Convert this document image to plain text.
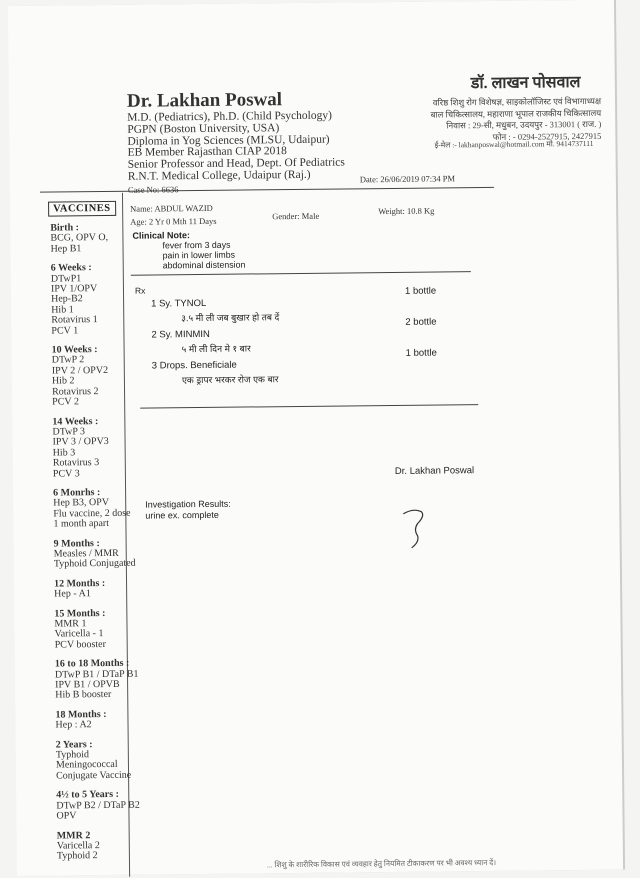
Dr. Lakhan Poswal
M.D. (Pediatrics), Ph.D. (Child Psychology)
PGPN (Boston University, USA)
Diploma in Yog Sciences (MLSU, Udaipur)
EB Member Rajasthan CIAP 2018
Senior Professor and Head, Dept. Of Pediatrics
R.N.T. Medical College, Udaipur (Raj.)
डॉ. लाखन पोसवाल
वरिष्ठ शिशु रोग विशेषज्ञ, साइकोलॉजिस्ट एवं विभागाध्यक्ष
बाल चिकित्सालय, महाराणा भूपाल राजकीय चिकित्सालय
निवास : 29-सी, मधुबन, उदयपुर - 313001 ( राज. )
फोन : - 0294-2527915, 2427915
ई-मेल :- lakhanposwal@hotmail.com मो. 9414737111
Case No: 6636
Date: 26/06/2019 07:34 PM
Name: ABDUL WAZID
Age: 2 Yr 0 Mth 11 Days	Gender: Male	Weight: 10.8 Kg
VACCINES
Birth :
BCG, OPV O,
Hep B1
6 Weeks :
DTwP1
IPV 1/OPV
Hep-B2
Hib 1
Rotavirus 1
PCV 1
10 Weeks :
DTwP 2
IPV 2 / OPV2
Hib 2
Rotavirus 2
PCV 2
14 Weeks :
DTwP 3
IPV 3 / OPV3
Hib 3
Rotavirus 3
PCV 3
6 Monrhs :
Hep B3, OPV
Flu vaccine, 2 dose
1 month apart
9 Months :
Measles / MMR
Typhoid Conjugated
12 Months :
Hep - A1
15 Months :
MMR 1
Varicella - 1
PCV booster
16 to 18 Months :
DTwP B1 / DTaP B1
IPV B1 / OPVB
Hib B booster
18 Months :
Hep : A2
2 Years :
Typhoid
Meningococcal
Conjugate Vaccine
4½ to 5 Years :
DTwP B2 / DTaP B2
OPV
MMR 2
Varicella 2
Typhoid 2
Clinical Note:
fever from 3 days
pain in lower limbs
abdominal distension
Rx
1 Sy. TYNOL
३.५ मी ली जब बुखार हो तब दें
1 bottle
2 Sy. MINMIN
५ मी ली दिन मे १ बार
2 bottle
3 Drops. Beneficiale
एक ड्रापर भरकर रोज एक बार
1 bottle
Dr. Lakhan Poswal
Investigation Results:
urine ex. complete
... शिशु के शारीरिक विकास एवं व्यवहार हेतु नियमित टीकाकरण पर भी अवश्य ध्यान दें।
